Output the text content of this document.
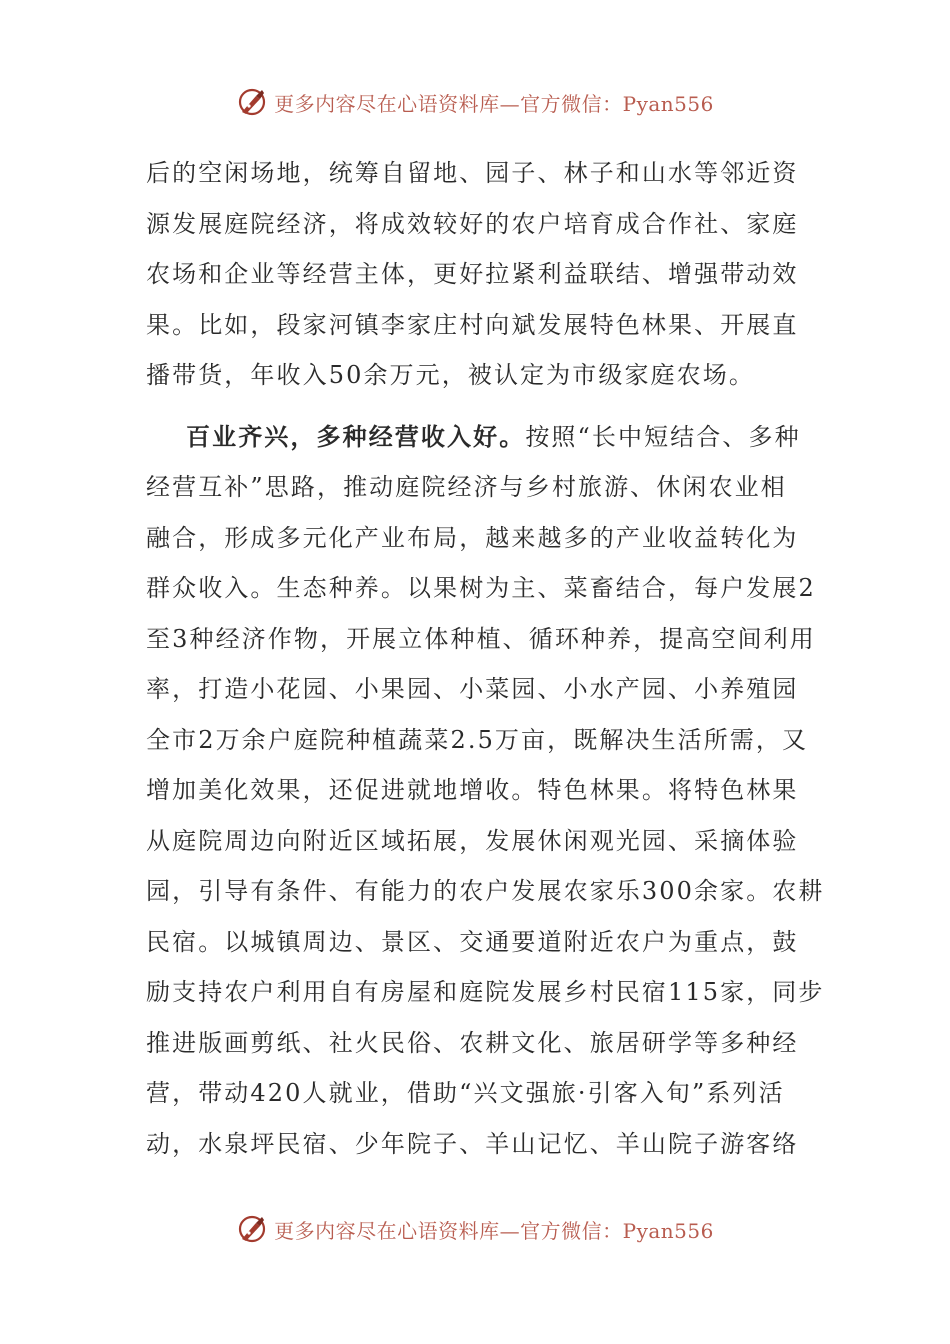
更多内容尽在心语资料库—官方微信：Pyan556
后的空闲场地，统筹自留地、园子、林子和山水等邻近资
源发展庭院经济，将成效较好的农户培育成合作社、家庭
农场和企业等经营主体，更好拉紧利益联结、增强带动效
果。比如，段家河镇李家庄村向斌发展特色林果、开展直
播带货，年收入50余万元，被认定为市级家庭农场。
百业齐兴，多种经营收入好。按照“长中短结合、多种
经营互补”思路，推动庭院经济与乡村旅游、休闲农业相
融合，形成多元化产业布局，越来越多的产业收益转化为
群众收入。生态种养。以果树为主、菜畜结合，每户发展2
至3种经济作物，开展立体种植、循环种养，提高空间利用
率，打造小花园、小果园、小菜园、小水产园、小养殖园
全市2万余户庭院种植蔬菜2.5万亩，既解决生活所需，又
增加美化效果，还促进就地增收。特色林果。将特色林果
从庭院周边向附近区域拓展，发展休闲观光园、采摘体验
园，引导有条件、有能力的农户发展农家乐300余家。农耕
民宿。以城镇周边、景区、交通要道附近农户为重点，鼓
励支持农户利用自有房屋和庭院发展乡村民宿115家，同步
推进版画剪纸、社火民俗、农耕文化、旅居研学等多种经
营，带动420人就业，借助“兴文强旅·引客入旬”系列活
动，水泉坪民宿、少年院子、羊山记忆、羊山院子游客络
更多内容尽在心语资料库—官方微信：Pyan556
